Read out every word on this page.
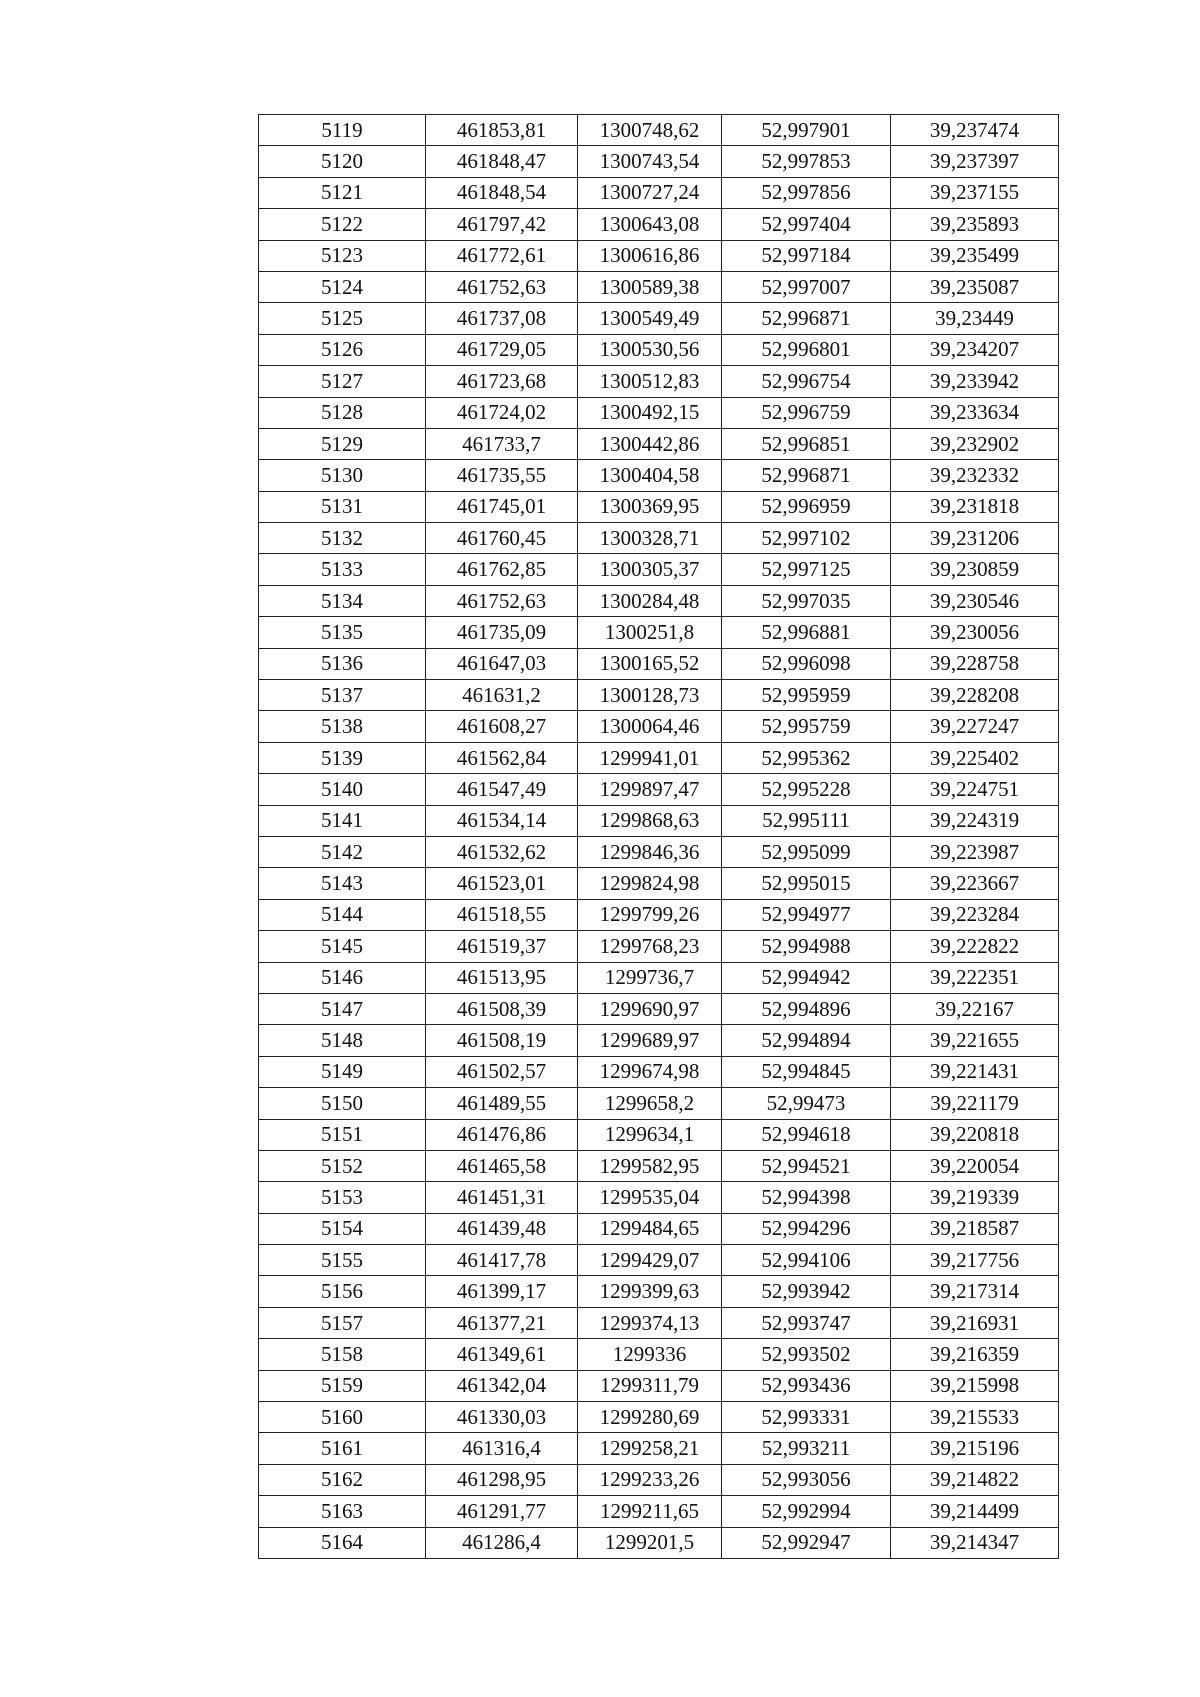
5119	461853,81	1300748,62	52,997901	39,237474
5120	461848,47	1300743,54	52,997853	39,237397
5121	461848,54	1300727,24	52,997856	39,237155
5122	461797,42	1300643,08	52,997404	39,235893
5123	461772,61	1300616,86	52,997184	39,235499
5124	461752,63	1300589,38	52,997007	39,235087
5125	461737,08	1300549,49	52,996871	39,23449
5126	461729,05	1300530,56	52,996801	39,234207
5127	461723,68	1300512,83	52,996754	39,233942
5128	461724,02	1300492,15	52,996759	39,233634
5129	461733,7	1300442,86	52,996851	39,232902
5130	461735,55	1300404,58	52,996871	39,232332
5131	461745,01	1300369,95	52,996959	39,231818
5132	461760,45	1300328,71	52,997102	39,231206
5133	461762,85	1300305,37	52,997125	39,230859
5134	461752,63	1300284,48	52,997035	39,230546
5135	461735,09	1300251,8	52,996881	39,230056
5136	461647,03	1300165,52	52,996098	39,228758
5137	461631,2	1300128,73	52,995959	39,228208
5138	461608,27	1300064,46	52,995759	39,227247
5139	461562,84	1299941,01	52,995362	39,225402
5140	461547,49	1299897,47	52,995228	39,224751
5141	461534,14	1299868,63	52,995111	39,224319
5142	461532,62	1299846,36	52,995099	39,223987
5143	461523,01	1299824,98	52,995015	39,223667
5144	461518,55	1299799,26	52,994977	39,223284
5145	461519,37	1299768,23	52,994988	39,222822
5146	461513,95	1299736,7	52,994942	39,222351
5147	461508,39	1299690,97	52,994896	39,22167
5148	461508,19	1299689,97	52,994894	39,221655
5149	461502,57	1299674,98	52,994845	39,221431
5150	461489,55	1299658,2	52,99473	39,221179
5151	461476,86	1299634,1	52,994618	39,220818
5152	461465,58	1299582,95	52,994521	39,220054
5153	461451,31	1299535,04	52,994398	39,219339
5154	461439,48	1299484,65	52,994296	39,218587
5155	461417,78	1299429,07	52,994106	39,217756
5156	461399,17	1299399,63	52,993942	39,217314
5157	461377,21	1299374,13	52,993747	39,216931
5158	461349,61	1299336	52,993502	39,216359
5159	461342,04	1299311,79	52,993436	39,215998
5160	461330,03	1299280,69	52,993331	39,215533
5161	461316,4	1299258,21	52,993211	39,215196
5162	461298,95	1299233,26	52,993056	39,214822
5163	461291,77	1299211,65	52,992994	39,214499
5164	461286,4	1299201,5	52,992947	39,214347
